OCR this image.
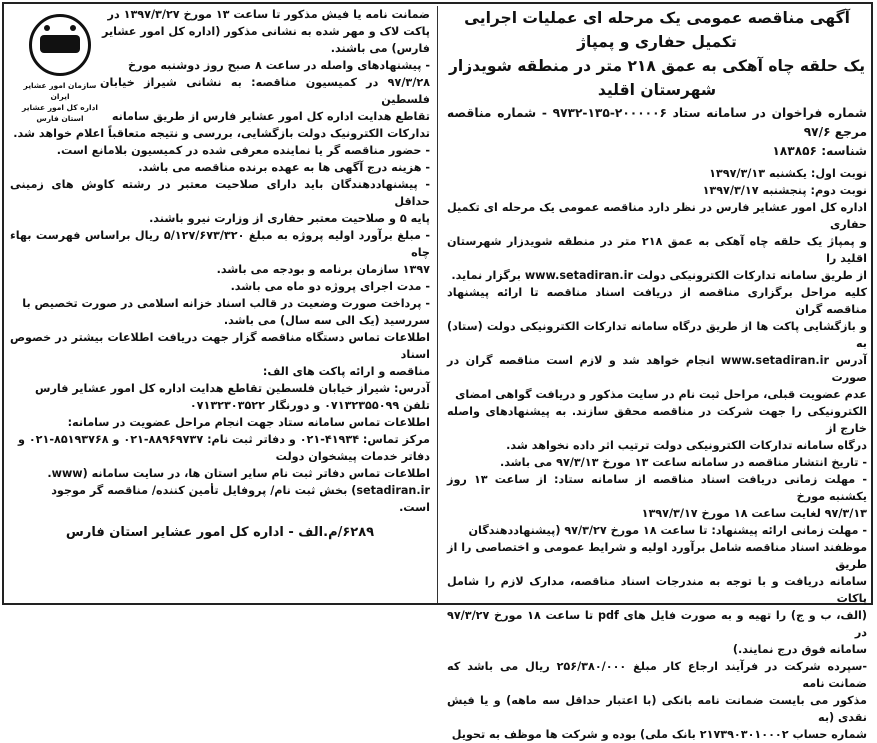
آگهی مناقصه عمومی یک مرحله ای عملیات اجرایی تکمیل حفاری و پمپاژ

یک حلقه چاه آهکی به عمق ۲۱۸ متر در منطقه شویدزار شهرستان اقلید

شماره فراخوان در سامانه ستاد ۲۰۰۰۰۰۶-۱۳۵-۹۷۳۲ - شماره مناقصه مرجع ۹۷/۶
شناسه: ۱۸۳۸۵۶

نوبت اول: یکشنبه ۱۳۹۷/۳/۱۳

نوبت دوم: پنجشنبه ۱۳۹۷/۳/۱۷

اداره کل امور عشایر فارس در نظر دارد مناقصه عمومی یک مرحله ای تکمیل حفاری

و پمپاژ یک حلقه چاه آهکی به عمق ۲۱۸ متر در منطقه شویدزار شهرستان اقلید را

از طریق سامانه تدارکات الکترونیکی دولت www.setadiran.ir برگزار نماید.

کلیه مراحل برگزاری مناقصه از دریافت اسناد مناقصه تا ارائه پیشنهاد مناقصه گران

و بازگشایی پاکت ها از طریق درگاه سامانه تدارکات الکترونیکی دولت (ستاد) به

آدرس www.setadiran.ir انجام خواهد شد و لازم است مناقصه گران در صورت

عدم عضویت قبلی، مراحل ثبت نام در سایت مذکور و دریافت گواهی امضای

الکترونیکی را جهت شرکت در مناقصه محقق سازند. به پیشنهادهای واصله خارج از

درگاه سامانه تدارکات الکترونیکی دولت ترتیب اثر داده نخواهد شد.

- تاریخ انتشار مناقصه در سامانه ساعت ۱۳ مورخ ۹۷/۳/۱۳ می باشد.

- مهلت زمانی دریافت اسناد مناقصه از سامانه ستاد: از ساعت ۱۳ روز یکشنبه مورخ

۹۷/۳/۱۳ لغایت ساعت ۱۸ مورخ ۱۳۹۷/۳/۱۷

- مهلت زمانی ارائه پیشنهاد: تا ساعت ۱۸ مورخ ۹۷/۳/۲۷ (پیشنهاددهندگان

موظفند اسناد مناقصه شامل برآورد اولیه و شرایط عمومی و اختصاصی را از طریق

سامانه دریافت و با توجه به مندرجات اسناد مناقصه، مدارک لازم را شامل پاکات

(الف، ب و ج) را تهیه و به صورت فایل های pdf تا ساعت ۱۸ مورخ ۹۷/۳/۲۷ در

سامانه فوق درج نمایند.)

-سپرده شرکت در فرآیند ارجاع کار مبلغ ۲۵۶/۳۸۰/۰۰۰ ریال می باشد که ضمانت نامه

مذکور می بایست ضمانت نامه بانکی (با اعتبار حداقل سه ماهه) و یا فیش نقدی (به

شماره حساب ۲۱۷۳۹۰۳۰۱۰۰۰۲ بانک ملی) بوده و شرکت ها موظف به تحویل

سازمان امور عشایر ایران
اداره کل امور عشایر استان فارس

ضمانت نامه یا فیش مذکور تا ساعت ۱۳ مورخ ۱۳۹۷/۳/۲۷ در

پاکت لاک و مهر شده به نشانی مذکور (اداره کل امور عشایر

فارس) می باشند.

- پیشنهادهای واصله در ساعت ۸ صبح روز دوشنبه مورخ

۹۷/۳/۲۸ در کمیسیون مناقصه: به نشانی شیراز خیابان فلسطین

تقاطع هدایت اداره کل امور عشایر فارس از طریق سامانه

تدارکات الکترونیک دولت بازگشایی، بررسی و نتیجه متعاقباً اعلام خواهد شد.

- حضور مناقصه گر یا نماینده معرفی شده در کمیسیون بلامانع است.

- هزینه درج آگهی ها به عهده برنده مناقصه می باشد.

- پیشنهاددهندگان باید دارای صلاحیت معتبر در رشته کاوش های زمینی حداقل

پایه ۵ و صلاحیت معتبر حفاری از وزارت نیرو باشند.

- مبلغ برآورد اولیه پروژه به مبلغ ۵/۱۲۷/۶۷۳/۳۲۰ ریال براساس فهرست بهاء چاه

۱۳۹۷ سازمان برنامه و بودجه می باشد.

- مدت اجرای پروژه دو ماه می باشد.

- پرداخت صورت وضعیت در قالب اسناد خزانه اسلامی در صورت تخصیص با

سررسید (یک الی سه سال) می باشد.

اطلاعات تماس دستگاه مناقصه گزار جهت دریافت اطلاعات بیشتر در خصوص اسناد

مناقصه و ارائه پاکت های الف:

آدرس: شیراز خیابان فلسطین تقاطع هدایت اداره کل امور عشایر فارس

تلفن ۰۷۱۳۲۳۵۵۰۹۹ و دورنگار ۰۷۱۳۲۳۰۳۵۲۲

اطلاعات تماس سامانه ستاد جهت انجام مراحل عضویت در سامانه:

مرکز تماس: ۴۱۹۳۴-۰۲۱ و دفاتر ثبت نام: ۸۸۹۶۹۷۳۷-۰۲۱ و ۸۵۱۹۳۷۶۸-۰۲۱ و

دفاتر خدمات پیشخوان دولت

اطلاعات تماس دفاتر ثبت نام سایر استان ها، در سایت سامانه (www.

setadiran.ir) بخش ثبت نام/ پروفایل تأمین کننده/ مناقصه گر موجود

است.

۶۲۸۹/م.الف - اداره کل امور عشایر استان فارس
